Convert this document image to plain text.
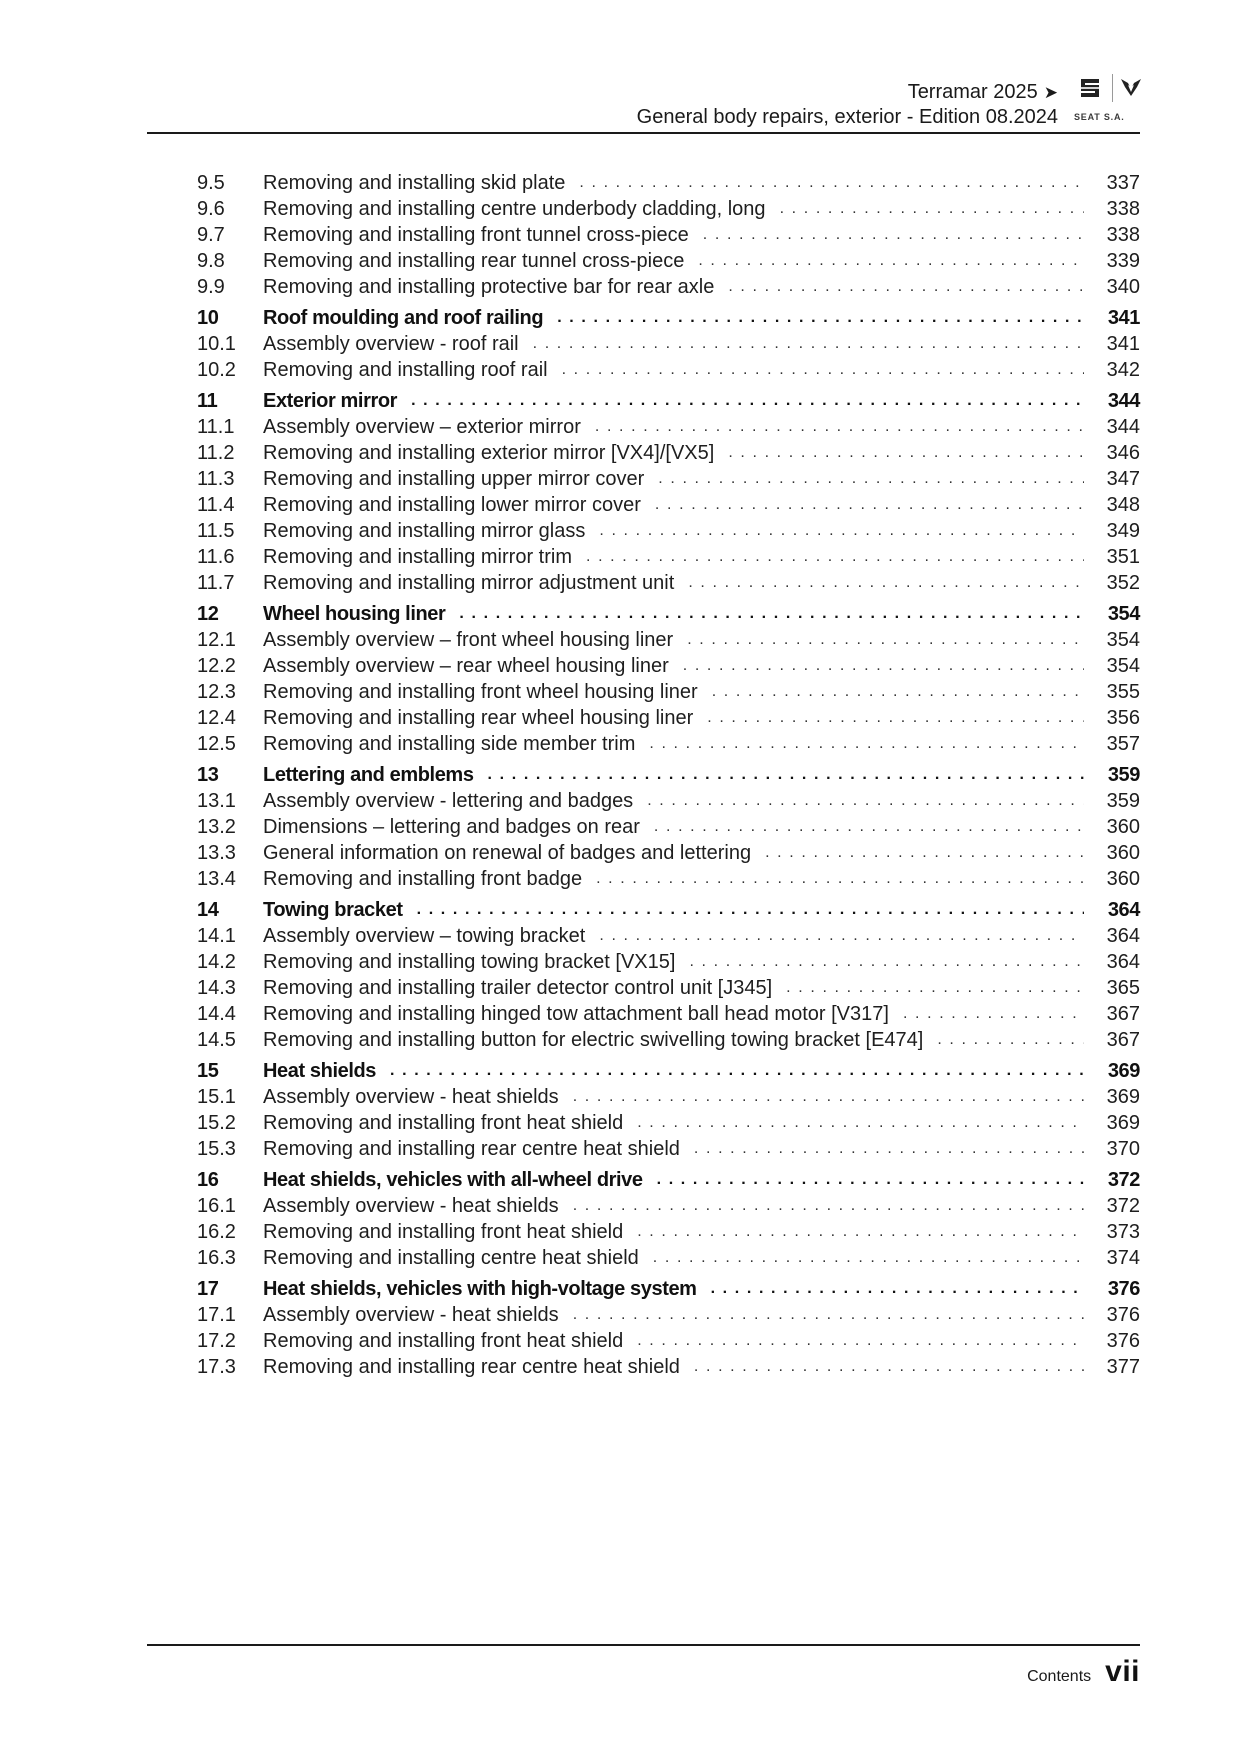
Terramar 2025 ➤
General body repairs, exterior - Edition 08.2024 SEAT S.A.
9.5	Removing and installing skid plate . . .	337
9.6	Removing and installing centre underbody cladding, long . . .	338
9.7	Removing and installing front tunnel cross-piece . . .	338
9.8	Removing and installing rear tunnel cross-piece . . .	339
9.9	Removing and installing protective bar for rear axle . . .	340
10	Roof moulding and roof railing . . .	341
10.1	Assembly overview - roof rail . . .	341
10.2	Removing and installing roof rail . . .	342
11	Exterior mirror . . .	344
11.1	Assembly overview – exterior mirror . . .	344
11.2	Removing and installing exterior mirror [VX4]/[VX5] . . .	346
11.3	Removing and installing upper mirror cover . . .	347
11.4	Removing and installing lower mirror cover . . .	348
11.5	Removing and installing mirror glass . . .	349
11.6	Removing and installing mirror trim . . .	351
11.7	Removing and installing mirror adjustment unit . . .	352
12	Wheel housing liner . . .	354
12.1	Assembly overview – front wheel housing liner . . .	354
12.2	Assembly overview – rear wheel housing liner . . .	354
12.3	Removing and installing front wheel housing liner . . .	355
12.4	Removing and installing rear wheel housing liner . . .	356
12.5	Removing and installing side member trim . . .	357
13	Lettering and emblems . . .	359
13.1	Assembly overview - lettering and badges . . .	359
13.2	Dimensions – lettering and badges on rear . . .	360
13.3	General information on renewal of badges and lettering . . .	360
13.4	Removing and installing front badge . . .	360
14	Towing bracket . . .	364
14.1	Assembly overview – towing bracket . . .	364
14.2	Removing and installing towing bracket [VX15] . . .	364
14.3	Removing and installing trailer detector control unit [J345] . . .	365
14.4	Removing and installing hinged tow attachment ball head motor [V317] . . .	367
14.5	Removing and installing button for electric swivelling towing bracket [E474] . . .	367
15	Heat shields . . .	369
15.1	Assembly overview - heat shields . . .	369
15.2	Removing and installing front heat shield . . .	369
15.3	Removing and installing rear centre heat shield . . .	370
16	Heat shields, vehicles with all-wheel drive . . .	372
16.1	Assembly overview - heat shields . . .	372
16.2	Removing and installing front heat shield . . .	373
16.3	Removing and installing centre heat shield . . .	374
17	Heat shields, vehicles with high-voltage system . . .	376
17.1	Assembly overview - heat shields . . .	376
17.2	Removing and installing front heat shield . . .	376
17.3	Removing and installing rear centre heat shield . . .	377
Contents vii
